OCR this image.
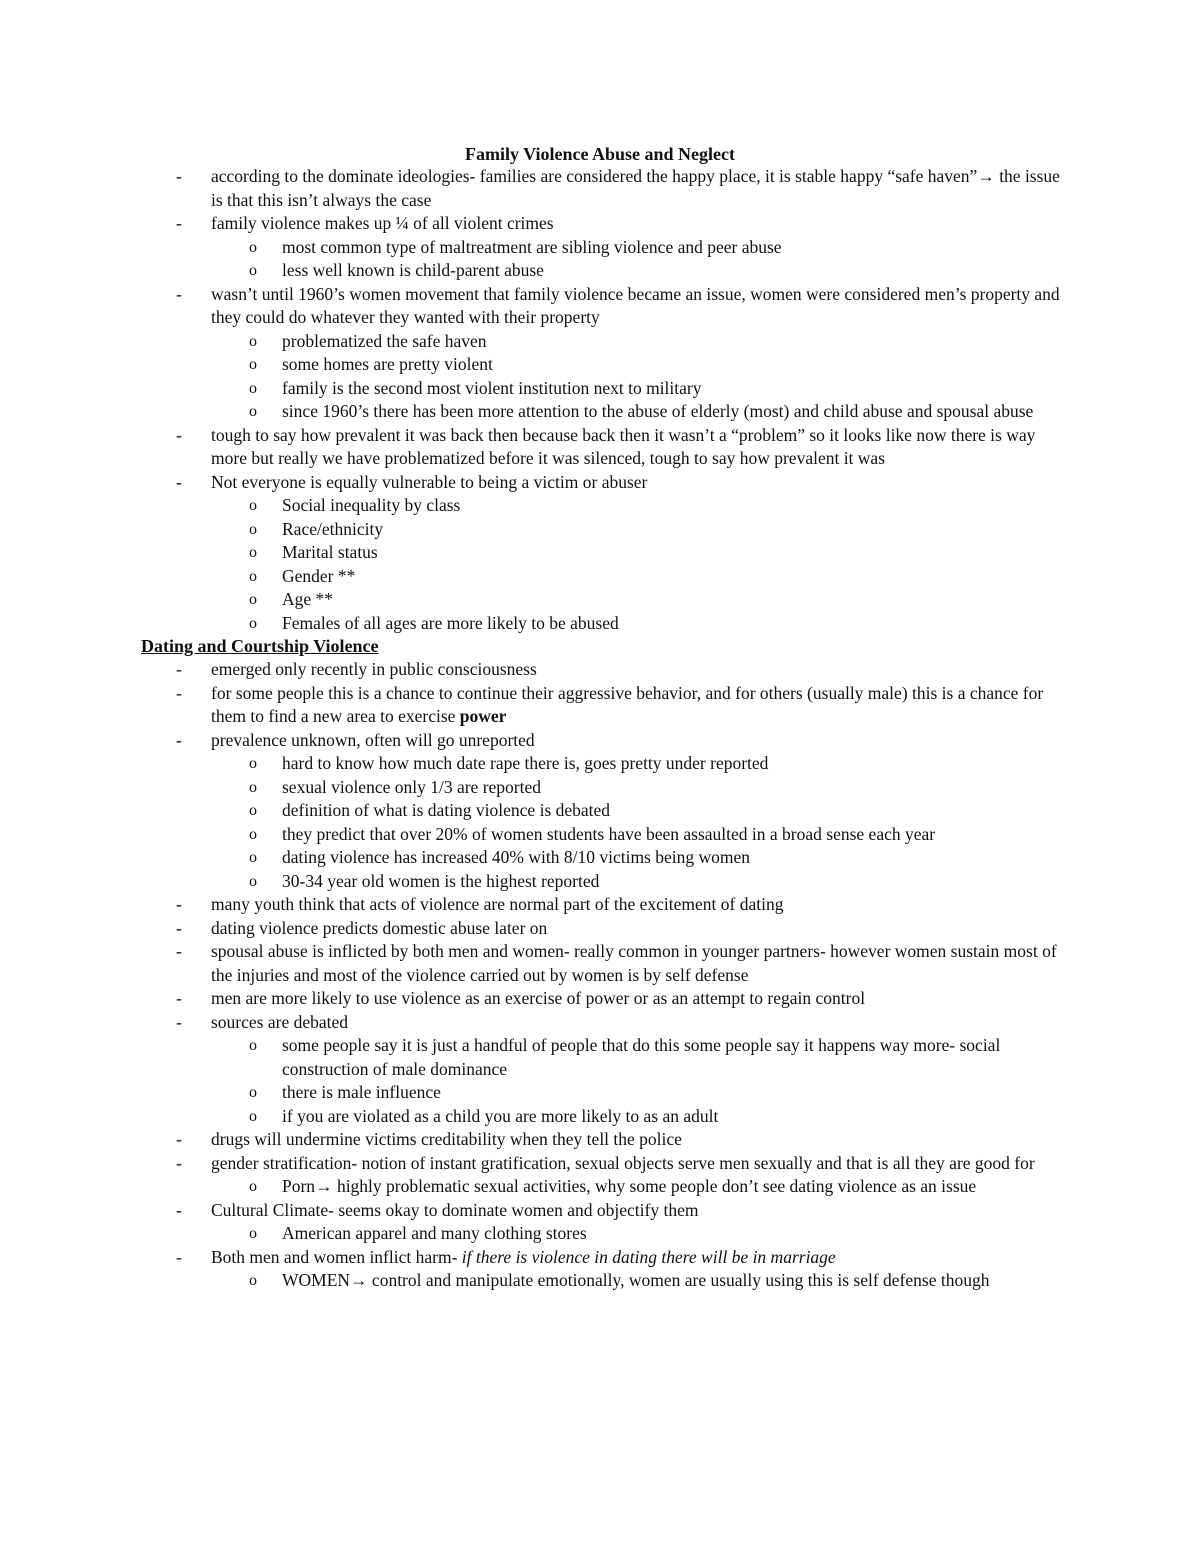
Family Violence Abuse and Neglect
- according to the dominate ideologies- families are considered the happy place, it is stable happy “safe haven”→ the issue is that this isn’t always the case
- family violence makes up ¼ of all violent crimes
o most common type of maltreatment are sibling violence and peer abuse
o less well known is child-parent abuse
- wasn’t until 1960’s women movement that family violence became an issue, women were considered men’s property and they could do whatever they wanted with their property
o problematized the safe haven
o some homes are pretty violent
o family is the second most violent institution next to military
o since 1960’s there has been more attention to the abuse of elderly (most) and child abuse and spousal abuse
- tough to say how prevalent it was back then because back then it wasn’t a “problem” so it looks like now there is way more but really we have problematized before it was silenced, tough to say how prevalent it was
- Not everyone is equally vulnerable to being a victim or abuser
o Social inequality by class
o Race/ethnicity
o Marital status
o Gender **
o Age **
o Females of all ages are more likely to be abused
Dating and Courtship Violence
- emerged only recently in public consciousness
- for some people this is a chance to continue their aggressive behavior, and for others (usually male) this is a chance for them to find a new area to exercise power
- prevalence unknown, often will go unreported
o hard to know how much date rape there is, goes pretty under reported
o sexual violence only 1/3 are reported
o definition of what is dating violence is debated
o they predict that over 20% of women students have been assaulted in a broad sense each year
o dating violence has increased 40% with 8/10 victims being women
o 30-34 year old women is the highest reported
- many youth think that acts of violence are normal part of the excitement of dating
- dating violence predicts domestic abuse later on
- spousal abuse is inflicted by both men and women- really common in younger partners- however women sustain most of the injuries and most of the violence carried out by women is by self defense
- men are more likely to use violence as an exercise of power or as an attempt to regain control
- sources are debated
o some people say it is just a handful of people that do this some people say it happens way more- social construction of male dominance
o there is male influence
o if you are violated as a child you are more likely to as an adult
- drugs will undermine victims creditability when they tell the police
- gender stratification- notion of instant gratification, sexual objects serve men sexually and that is all they are good for
o Porn→ highly problematic sexual activities, why some people don’t see dating violence as an issue
- Cultural Climate- seems okay to dominate women and objectify them
o American apparel and many clothing stores
- Both men and women inflict harm- if there is violence in dating there will be in marriage
o WOMEN→ control and manipulate emotionally, women are usually using this is self defense though
